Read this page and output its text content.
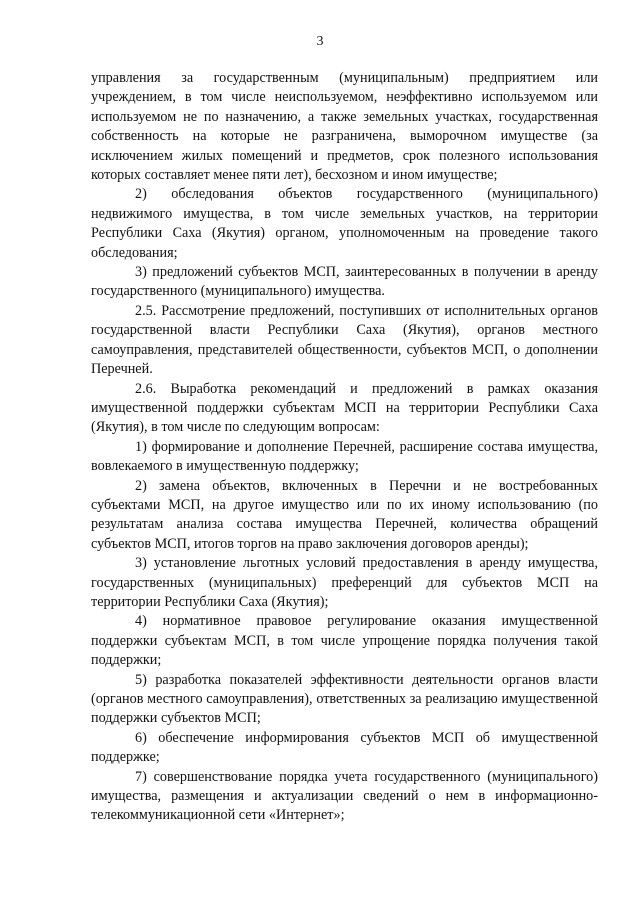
3

управления за государственным (муниципальным) предприятием или учреждением, в том числе неиспользуемом, неэффективно используемом или используемом не по назначению, а также земельных участках, государственная собственность на которые не разграничена, выморочном имуществе (за исключением жилых помещений и предметов, срок полезного использования которых составляет менее пяти лет), бесхозном и ином имуществе;

2) обследования объектов государственного (муниципального) недвижимого имущества, в том числе земельных участков, на территории Республики Саха (Якутия) органом, уполномоченным на проведение такого обследования;

3) предложений субъектов МСП, заинтересованных в получении в аренду государственного (муниципального) имущества.

2.5. Рассмотрение предложений, поступивших от исполнительных органов государственной власти Республики Саха (Якутия), органов местного самоуправления, представителей общественности, субъектов МСП, о дополнении Перечней.

2.6. Выработка рекомендаций и предложений в рамках оказания имущественной поддержки субъектам МСП на территории Республики Саха (Якутия), в том числе по следующим вопросам:

1) формирование и дополнение Перечней, расширение состава имущества, вовлекаемого в имущественную поддержку;

2) замена объектов, включенных в Перечни и не востребованных субъектами МСП, на другое имущество или по их иному использованию (по результатам анализа состава имущества Перечней, количества обращений субъектов МСП, итогов торгов на право заключения договоров аренды);

3) установление льготных условий предоставления в аренду имущества, государственных (муниципальных) преференций для субъектов МСП на территории Республики Саха (Якутия);

4) нормативное правовое регулирование оказания имущественной поддержки субъектам МСП, в том числе упрощение порядка получения такой поддержки;

5) разработка показателей эффективности деятельности органов власти (органов местного самоуправления), ответственных за реализацию имущественной поддержки субъектов МСП;

6) обеспечение информирования субъектов МСП об имущественной поддержке;

7) совершенствование порядка учета государственного (муниципального) имущества, размещения и актуализации сведений о нем в информационно-телекоммуникационной сети «Интернет»;
